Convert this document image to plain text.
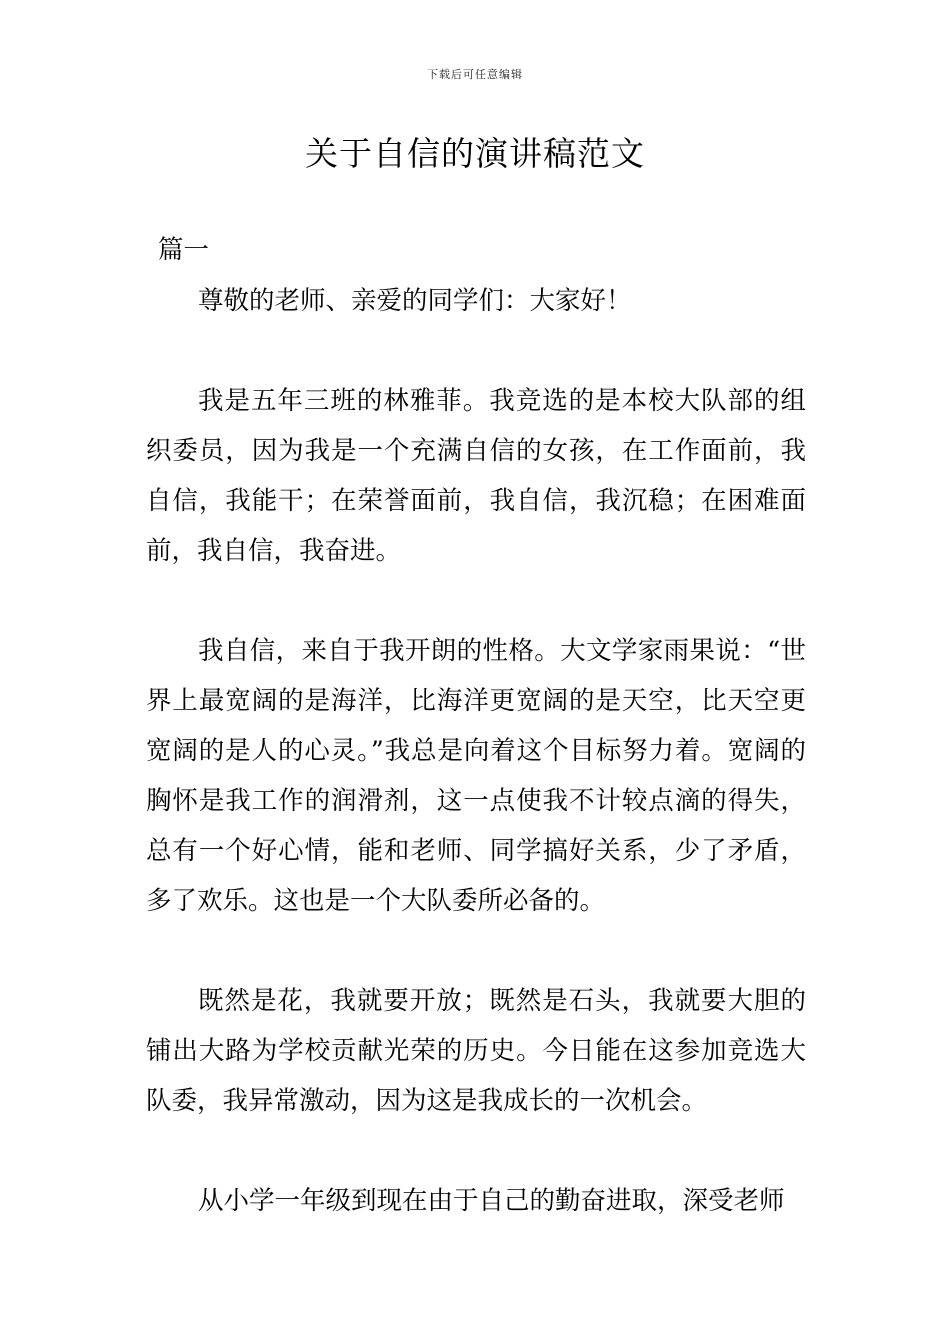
下载后可任意编辑
关于自信的演讲稿范文
篇一

尊敬的老师、亲爱的同学们：大家好！

我是五年三班的林雅菲。我竞选的是本校大队部的组织委员，因为我是一个充满自信的女孩，在工作面前，我自信，我能干；在荣誉面前，我自信，我沉稳；在困难面前，我自信，我奋进。

我自信，来自于我开朗的性格。大文学家雨果说：“世界上最宽阔的是海洋，比海洋更宽阔的是天空，比天空更宽阔的是人的心灵。”我总是向着这个目标努力着。宽阔的胸怀是我工作的润滑剂，这一点使我不计较点滴的得失，总有一个好心情，能和老师、同学搞好关系，少了矛盾，多了欢乐。这也是一个大队委所必备的。

既然是花，我就要开放；既然是石头，我就要大胆的铺出大路为学校贡献光荣的历史。今日能在这参加竞选大队委，我异常激动，因为这是我成长的一次机会。

从小学一年级到现在由于自己的勤奋进取，深受老师
